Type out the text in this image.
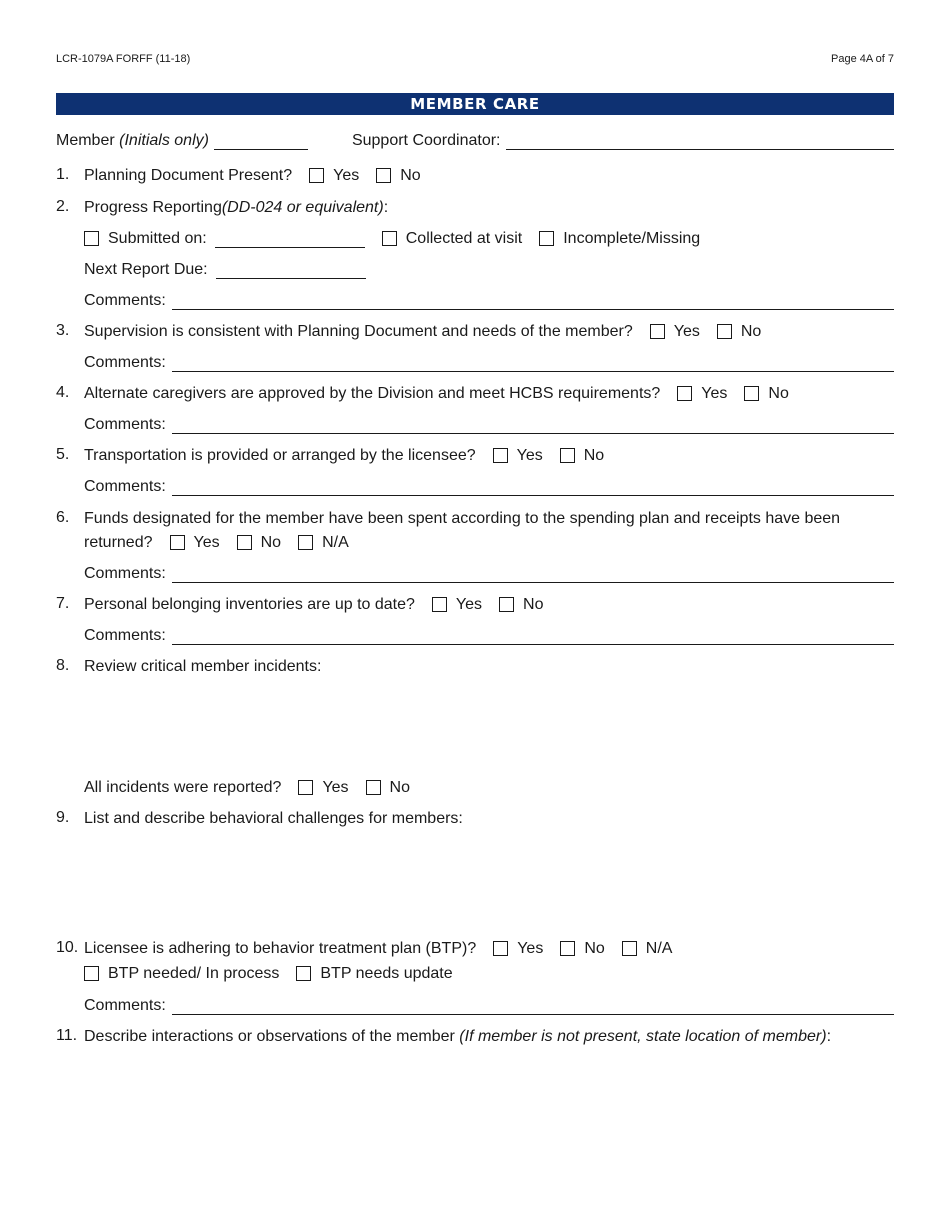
LCR-1079A FORFF (11-18)	Page 4A of 7
MEMBER CARE
Member
(Initials only)	Support Coordinator:
1. Planning Document Present?	Yes	No
2. Progress Reporting (DD-024 or equivalent) :
Submitted on:	Collected at visit	Incomplete/Missing
Next Report Due:
Comments:
3. Supervision is consistent with Planning Document and needs of the member?	Yes	No
Comments:
4. Alternate caregivers are approved by the Division and meet HCBS requirements?	Yes	No
Comments:
5. Transportation is provided or arranged by the licensee?	Yes	No
Comments:
6. Funds designated for the member have been spent according to the spending plan and receipts have been
returned?	Yes	No	N/A
Comments:
7. Personal belonging inventories are up to date?	Yes	No
Comments:
8. Review critical member incidents:
All incidents were reported?	Yes	No
9. List and describe behavioral challenges for members:
10. Licensee is adhering to behavior treatment plan (BTP)?	Yes	No	N/A
BTP needed/ In process	BTP needs update
Comments:
11. Describe interactions or observations of the member
(If member is not present, state location of member) :
